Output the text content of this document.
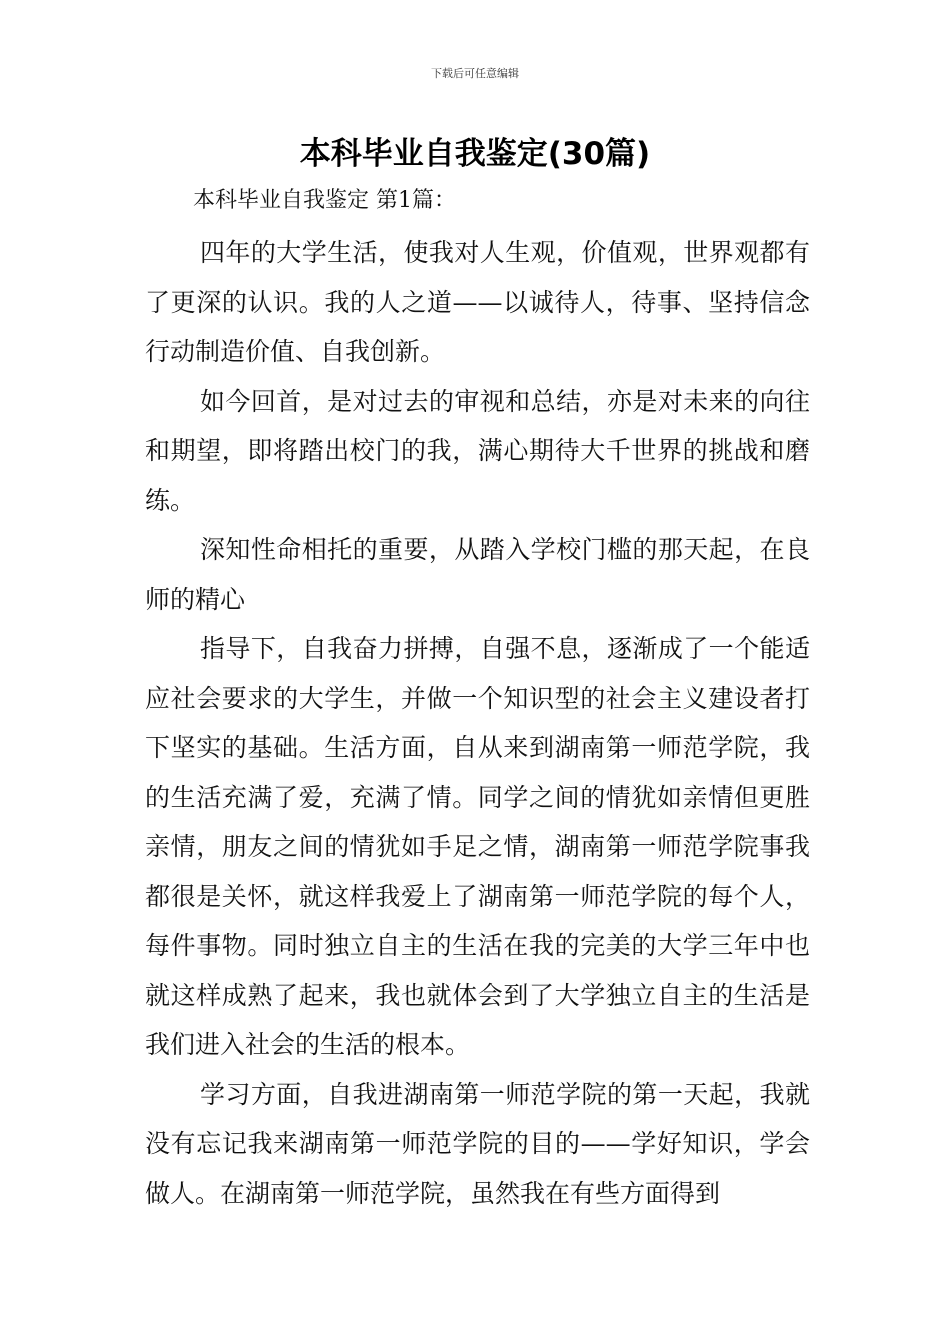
下载后可任意编辑
本科毕业自我鉴定(30篇)
本科毕业自我鉴定 第1篇：

四年的大学生活，使我对人生观，价值观，世界观都有了更深的认识。我的人之道——以诚待人，待事、坚持信念行动制造价值、自我创新。

如今回首，是对过去的审视和总结，亦是对未来的向往和期望，即将踏出校门的我，满心期待大千世界的挑战和磨练。

深知性命相托的重要，从踏入学校门槛的那天起，在良师的精心

指导下，自我奋力拼搏，自强不息，逐渐成了一个能适应社会要求的大学生，并做一个知识型的社会主义建设者打下坚实的基础。生活方面，自从来到湖南第一师范学院，我的生活充满了爱，充满了情。同学之间的情犹如亲情但更胜亲情，朋友之间的情犹如手足之情，湖南第一师范学院事我都很是关怀，就这样我爱上了湖南第一师范学院的每个人，每件事物。同时独立自主的生活在我的完美的大学三年中也就这样成熟了起来，我也就体会到了大学独立自主的生活是我们进入社会的生活的根本。

学习方面，自我进湖南第一师范学院的第一天起，我就没有忘记我来湖南第一师范学院的目的——学好知识，学会做人。在湖南第一师范学院，虽然我在有些方面得到
